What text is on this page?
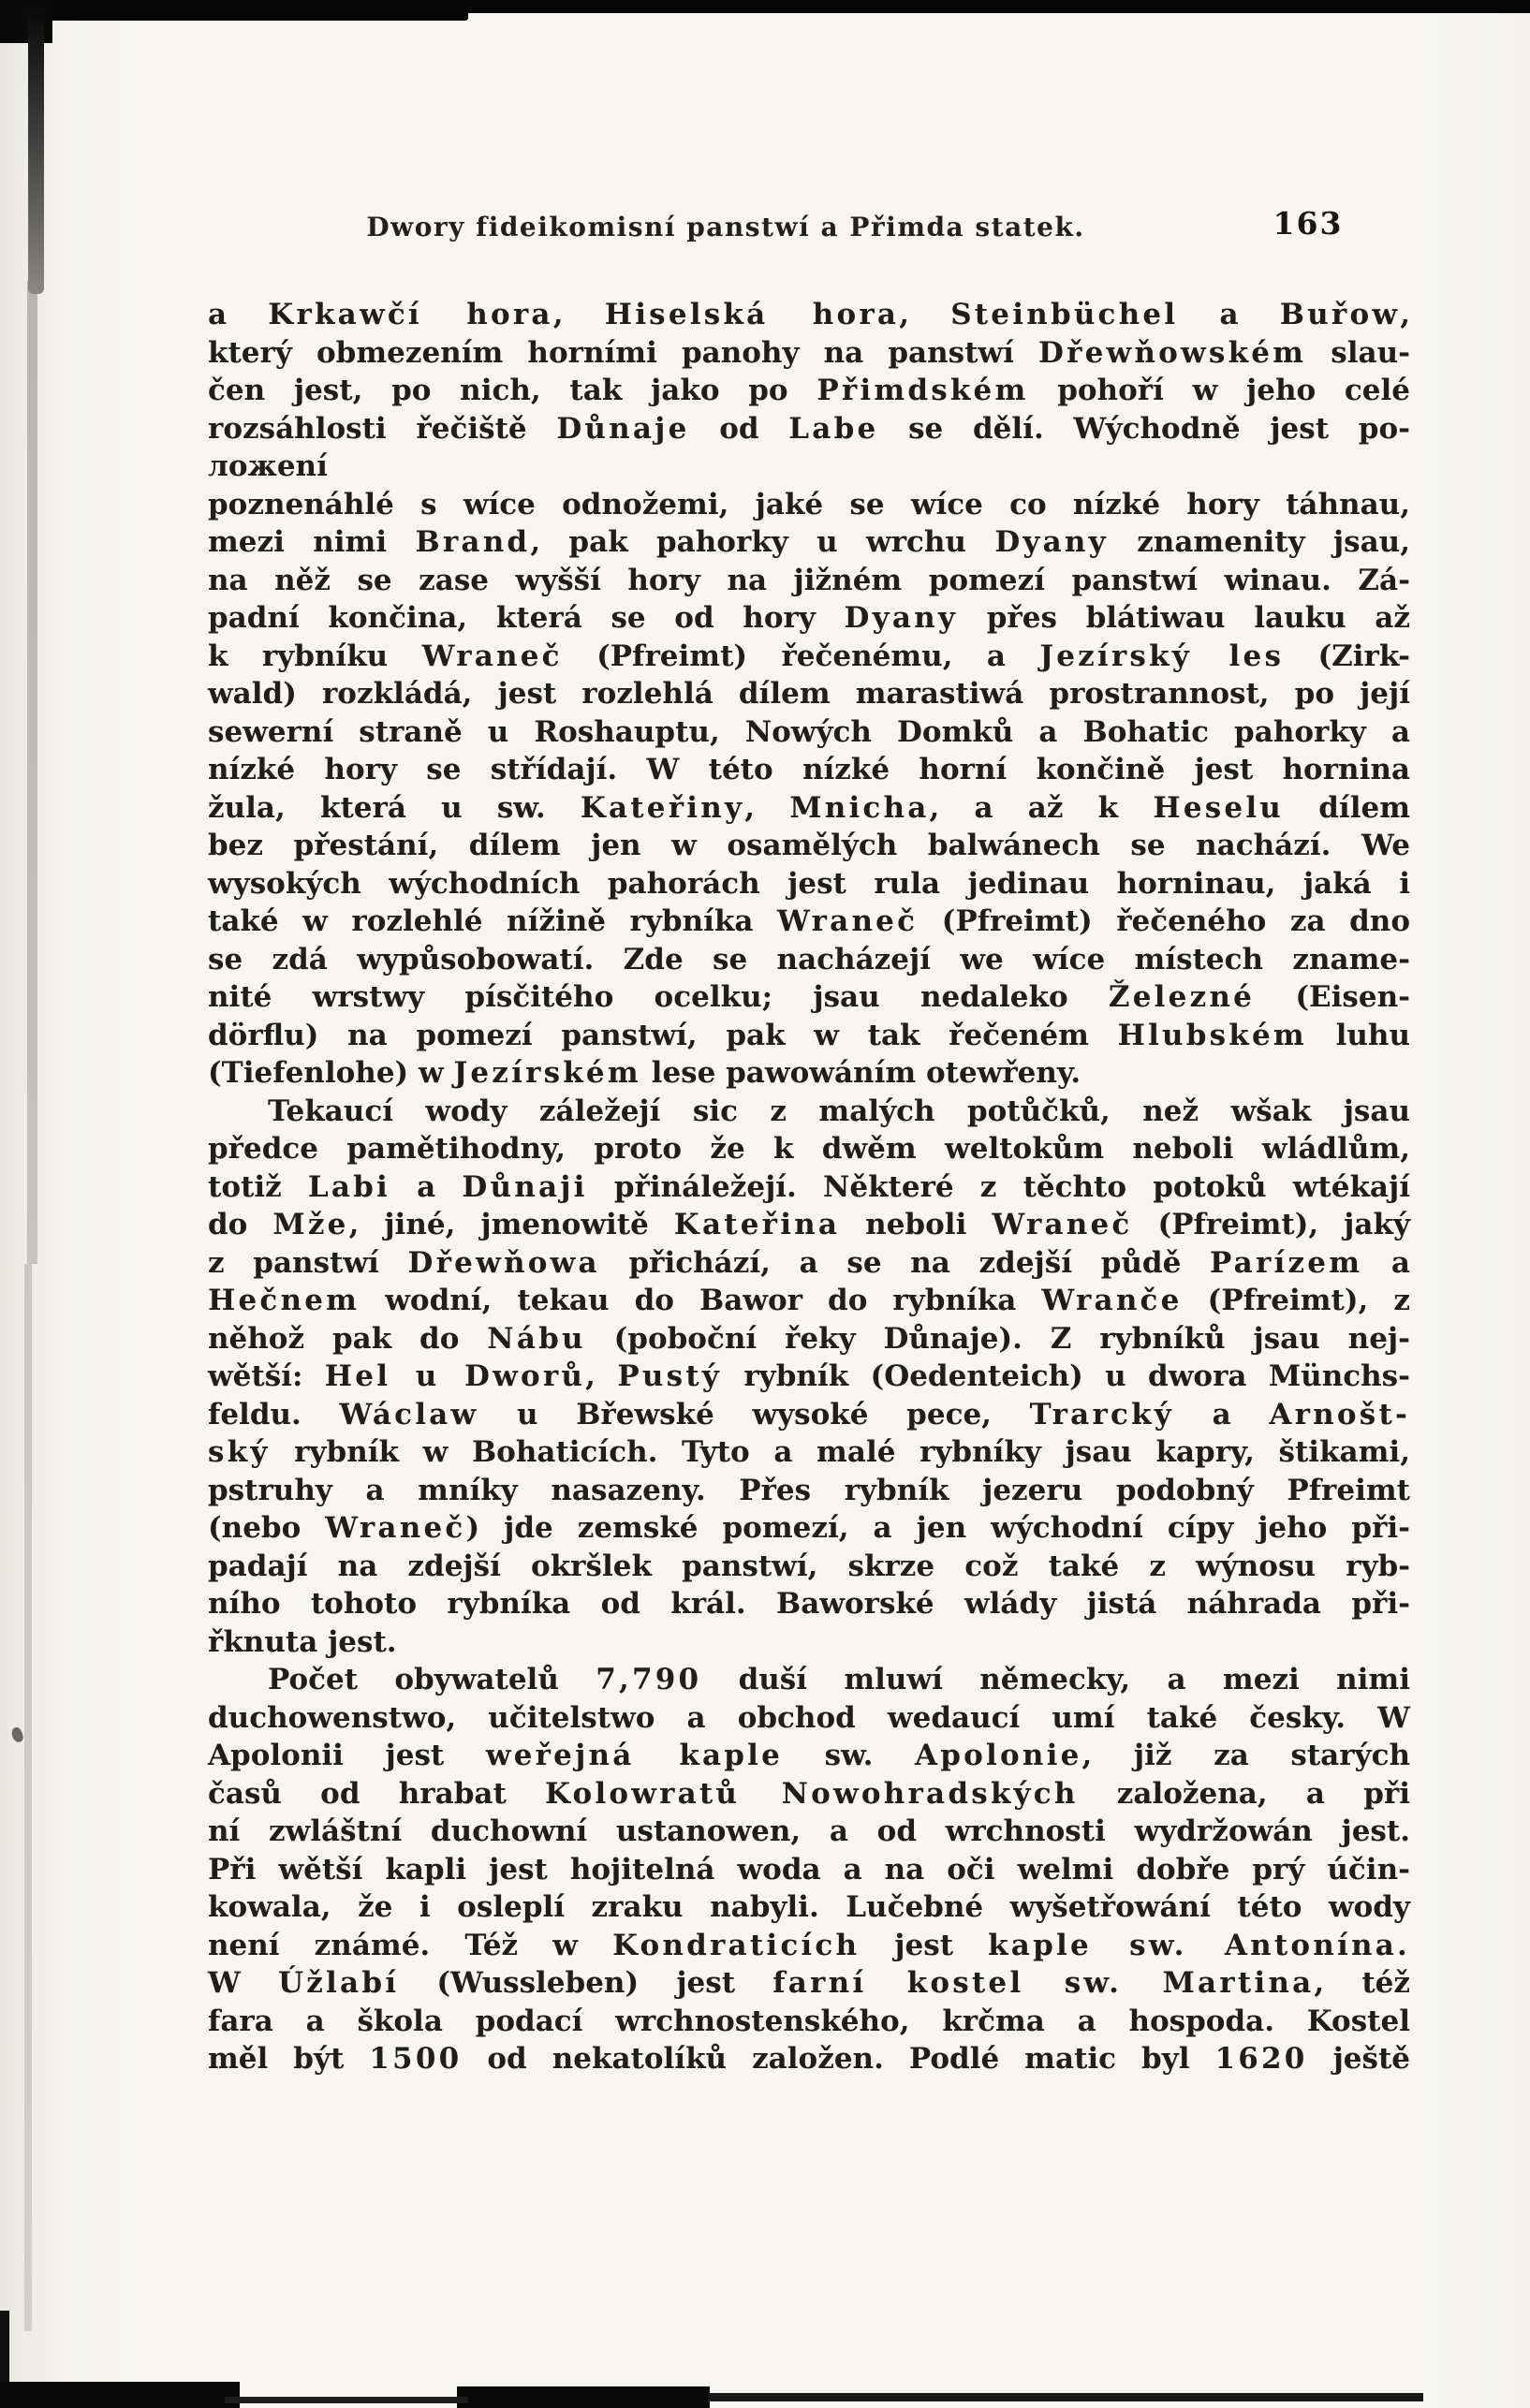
Dwory fideikomisní panstwí a Přimda statek.	163
a Krkawčí hora, Hiselská hora, Steinbüchel a Buřow,
který obmezením horními panohy na panstwí Dřewňowském slau-
čen jest, po nich, tak jako po Přimdském pohoří w jeho celé
rozsáhlosti řečiště Důnaje od Labe se dělí. Wýchodně jest po-
ложení
poznenáhlé s wíce odnožemi, jaké se wíce co nízké hory táhnau,
mezi nimi Brand, pak pahorky u wrchu Dyany znamenity jsau,
na něž se zase wyšší hory na jižném pomezí panstwí winau. Zá-
padní končina, která se od hory Dyany přes blátiwau lauku až
k rybníku Wraneč (Pfreimt) řečenému, a Jezírský les (Zirk-
wald) rozkládá, jest rozlehlá dílem marastiwá prostrannost, po její
sewerní straně u Roshauptu, Nowých Domků a Bohatic pahorky a
nízké hory se střídají. W této nízké horní končině jest hornina
žula, která u sw. Kateřiny, Mnicha, a až k Heselu dílem
bez přestání, dílem jen w osamělých balwánech se nachází. We
wysokých wýchodních pahorách jest rula jedinau horninau, jaká i
také w rozlehlé nížině rybníka Wraneč (Pfreimt) řečeného za dno
se zdá wypůsobowatí. Zde se nacházejí we wíce místech zname-
nité wrstwy písčitého ocelku; jsau nedaleko Železné (Eisen-
dörflu) na pomezí panstwí, pak w tak řečeném Hlubském luhu
(Tiefenlohe) w Jezírském lese pawowáním otewřeny.
Tekaucí wody záležejí sic z malých potůčků, než wšak jsau
předce pamětihodny, proto že k dwěm weltokům neboli wládlům,
totiž Labi a Důnaji přináležejí. Některé z těchto potoků wtékají
do Mže, jiné, jmenowitě Kateřina neboli Wraneč (Pfreimt), jaký
z panstwí Dřewňowa přichází, a se na zdejší půdě Parízem a
Hečnem wodní, tekau do Bawor do rybníka Wranče (Pfreimt), z
něhož pak do Nábu (poboční řeky Důnaje). Z rybníků jsau nej-
wětší: Hel u Dworů, Pustý rybník (Oedenteich) u dwora Münchs-
feldu. Wáclaw u Břewské wysoké pece, Trarcký a Arnošt-
ský rybník w Bohaticích. Tyto a malé rybníky jsau kapry, štikami,
pstruhy a mníky nasazeny. Přes rybník jezeru podobný Pfreimt
(nebo Wraneč) jde zemské pomezí, a jen wýchodní cípy jeho při-
padají na zdejší okršlek panstwí, skrze což také z wýnosu ryb-
ního tohoto rybníka od král. Baworské wlády jistá náhrada při-
řknuta jest.
Počet obywatelů 7,790 duší mluwí německy, a mezi nimi
duchowenstwo, učitelstwo a obchod wedaucí umí také česky. W
Apolonii jest weřejná kaple sw. Apolonie, již za starých
časů od hrabat Kolowratů Nowohradských založena, a při
ní zwláštní duchowní ustanowen, a od wrchnosti wydržowán jest.
Při wětší kapli jest hojitelná woda a na oči welmi dobře prý účin-
kowala, že i osleplí zraku nabyli. Lučebné wyšetřowání této wody
není známé. Též w Kondraticích jest kaple sw. Antonína.
W Úžlabí (Wussleben) jest farní kostel sw. Martina, též
fara a škola podací wrchnostenského, krčma a hospoda. Kostel
měl být 1500 od nekatolíků založen. Podlé matic byl 1620 ještě
